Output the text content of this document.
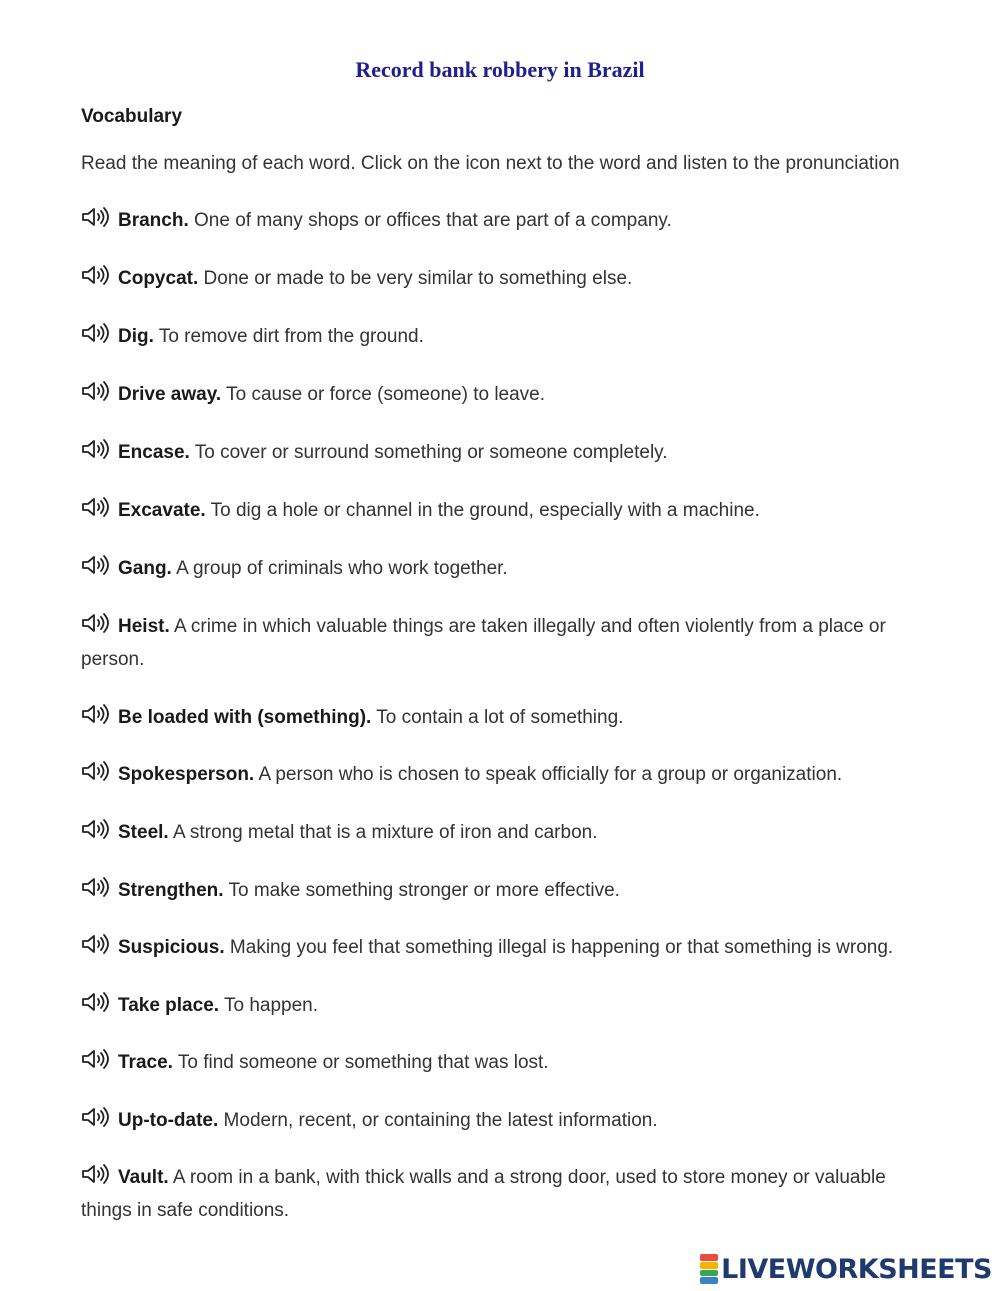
Record bank robbery in Brazil
Vocabulary
Read the meaning of each word. Click on the icon next to the word and listen to the pronunciation
Branch. One of many shops or offices that are part of a company.
Copycat. Done or made to be very similar to something else.
Dig. To remove dirt from the ground.
Drive away. To cause or force (someone) to leave.
Encase. To cover or surround something or someone completely.
Excavate. To dig a hole or channel in the ground, especially with a machine.
Gang. A group of criminals who work together.
Heist. A crime in which valuable things are taken illegally and often violently from a place or person.
Be loaded with (something). To contain a lot of something.
Spokesperson. A person who is chosen to speak officially for a group or organization.
Steel. A strong metal that is a mixture of iron and carbon.
Strengthen. To make something stronger or more effective.
Suspicious. Making you feel that something illegal is happening or that something is wrong.
Take place. To happen.
Trace. To find someone or something that was lost.
Up-to-date. Modern, recent, or containing the latest information.
Vault. A room in a bank, with thick walls and a strong door, used to store money or valuable things in safe conditions.
LIVEWORKSHEETS
